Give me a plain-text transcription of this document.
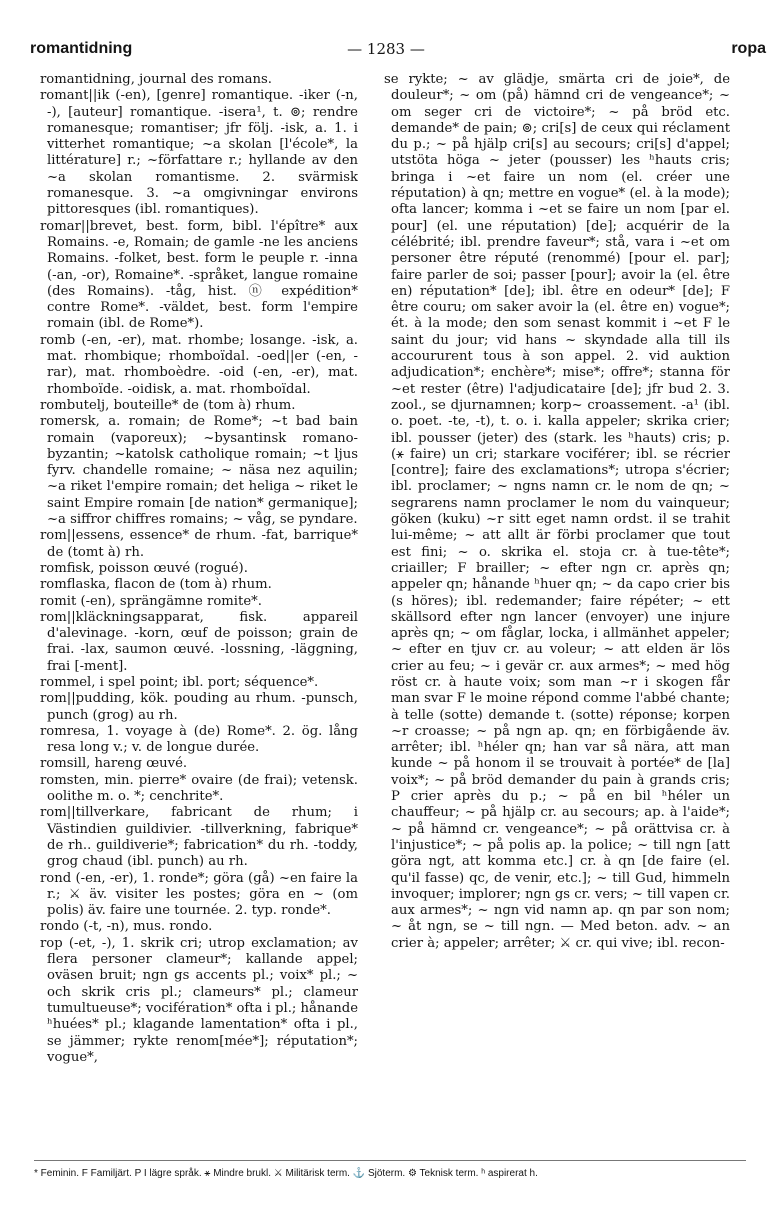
romantidning	— 1283 —	ropa

romantidning, journal des romans.

romant||ik (-en), [genre] romantique. -iker (-n, -), [auteur] romantique. -isera¹, t. ⊚; rendre romanesque; romantiser; jfr följ. -isk, a. 1. i vitterhet romantique; ~a skolan [l'école*, la littérature] r.; ~författare r.; hyllande av den ~a skolan romantisme. 2. svärmisk romanesque. 3. ~a omgivningar environs pittoresques (ibl. romantiques).

romar||brevet, best. form, bibl. l'épître* aux Romains. -e, Romain; de gamle -ne les anciens Romains. -folket, best. form le peuple r. -inna (-an, -or), Romaine*. -språket, langue romaine (des Romains). -tåg, hist. ⓝ expédition* contre Rome*. -väldet, best. form l'empire romain (ibl. de Rome*).

romb (-en, -er), mat. rhombe; losange. -isk, a. mat. rhombique; rhomboïdal. -oed||er (-en, -rar), mat. rhomboèdre. -oid (-en, -er), mat. rhomboïde. -oidisk, a. mat. rhomboïdal.

rombutelj, bouteille* de (tom à) rhum.

romersk, a. romain; de Rome*; ~t bad bain romain (vaporeux); ~bysantinsk romano-byzantin; ~katolsk catholique romain; ~t ljus fyrv. chandelle romaine; ~ näsa nez aquilin; ~a riket l'empire romain; det heliga ~ riket le saint Empire romain [de nation* germanique]; ~a siffror chiffres romains; ~ våg, se pyndare.

rom||essens, essence* de rhum. -fat, barrique* de (tomt à) rh.

romfisk, poisson œuvé (rogué).

romflaska, flacon de (tom à) rhum.

romit (-en), sprängämne romite*.

rom||kläckningsapparat, fisk. appareil d'alevinage. -korn, œuf de poisson; grain de frai. -lax, saumon œuvé. -lossning, -läggning, frai [-ment].

rommel, i spel point; ibl. port; séquence*.

rom||pudding, kök. pouding au rhum. -punsch, punch (grog) au rh.

romresa, 1. voyage à (de) Rome*. 2. ög. lång resa long v.; v. de longue durée.

romsill, hareng œuvé.

romsten, min. pierre* ovaire (de frai); vetensk. oolithe m. o. *; cenchrite*.

rom||tillverkare, fabricant de rhum; i Västindien guildivier. -tillverkning, fabrique* de rh.. guildiverie*; fabrication* du rh. -toddy, grog chaud (ibl. punch) au rh.

rond (-en, -er), 1. ronde*; göra (gå) ~en faire la r.; ⚔ äv. visiter les postes; göra en ~ (om polis) äv. faire une tournée. 2. typ. ronde*.

rondo (-t, -n), mus. rondo.

rop (-et, -), 1. skrik cri; utrop exclamation; av flera personer clameur*; kallande appel; oväsen bruit; ngn gs accents pl.; voix* pl.; ~ och skrik cris pl.; clameurs* pl.; clameur tumultueuse*; vocifération* ofta i pl.; hånande ʰhuées* pl.; klagande lamentation* ofta i pl., se jämmer; rykte renom[mée*]; réputation*; vogue*,

se rykte; ~ av glädje, smärta cri de joie*, de douleur*; ~ om (på) hämnd cri de vengeance*; ~ om seger cri de victoire*; ~ på bröd etc. demande* de pain; ⊚; cri[s] de ceux qui réclament du p.; ~ på hjälp cri[s] au secours; cri[s] d'appel; utstöta höga ~ jeter (pousser) les ʰhauts cris; bringa i ~et faire un nom (el. créer une réputation) à qn; mettre en vogue* (el. à la mode); ofta lancer; komma i ~et se faire un nom [par el. pour] (el. une réputation) [de]; acquérir de la célébrité; ibl. prendre faveur*; stå, vara i ~et om personer être réputé (renommé) [pour el. par]; faire parler de soi; passer [pour]; avoir la (el. être en) réputation* [de]; ibl. être en odeur* [de]; F être couru; om saker avoir la (el. être en) vogue*; ét. à la mode; den som senast kommit i ~et F le saint du jour; vid hans ~ skyndade alla till ils accoururent tous à son appel. 2. vid auktion adjudication*; enchère*; mise*; offre*; stanna för ~et rester (être) l'adjudicataire [de]; jfr bud 2. 3. zool., se djurnamnen; korp~ croassement. -a¹ (ibl. o. poet. -te, -t), t. o. i. kalla appeler; skrika crier; ibl. pousser (jeter) des (stark. les ʰhauts) cris; p. (⚹ faire) un cri; starkare vociférer; ibl. se récrier [contre]; faire des exclamations*; utropa s'écrier; ibl. proclamer; ~ ngns namn cr. le nom de qn; ~ segrarens namn proclamer le nom du vainqueur; göken (kuku) ~r sitt eget namn ordst. il se trahit lui-même; ~ att allt är förbi proclamer que tout est fini; ~ o. skrika el. stoja cr. à tue-tête*; criailler; F brailler; ~ efter ngn cr. après qn; appeler qn; hånande ʰhuer qn; ~ da capo crier bis (s höres); ibl. redemander; faire répéter; ~ ett skällsord efter ngn lancer (envoyer) une injure après qn; ~ om fåglar, locka, i allmänhet appeler; ~ efter en tjuv cr. au voleur; ~ att elden är lös crier au feu; ~ i gevär cr. aux armes*; ~ med hög röst cr. à haute voix; som man ~r i skogen får man svar F le moine répond comme l'abbé chante; à telle (sotte) demande t. (sotte) réponse; korpen ~r croasse; ~ på ngn ap. qn; en förbigående äv. arrêter; ibl. ʰhéler qn; han var så nära, att man kunde ~ på honom il se trouvait à portée* de [la] voix*; ~ på bröd demander du pain à grands cris; P crier après du p.; ~ på en bil ʰhéler un chauffeur; ~ på hjälp cr. au secours; ap. à l'aide*; ~ på hämnd cr. vengeance*; ~ på orättvisa cr. à l'injustice*; ~ på polis ap. la police; ~ till ngn [att göra ngt, att komma etc.] cr. à qn [de faire (el. qu'il fasse) qc, de venir, etc.]; ~ till Gud, himmeln invoquer; implorer; ngn gs cr. vers; ~ till vapen cr. aux armes*; ~ ngn vid namn ap. qn par son nom; ~ åt ngn, se ~ till ngn. — Med beton. adv. ~ an crier à; appeler; arrêter; ⚔ cr. qui vive; ibl. recon-

* Feminin. F Familjärt. P I lägre språk. ⚹ Mindre brukl. ⚔ Militärisk term. ⚓ Sjöterm. ⚙ Teknisk term. ʰ aspirerat h.
